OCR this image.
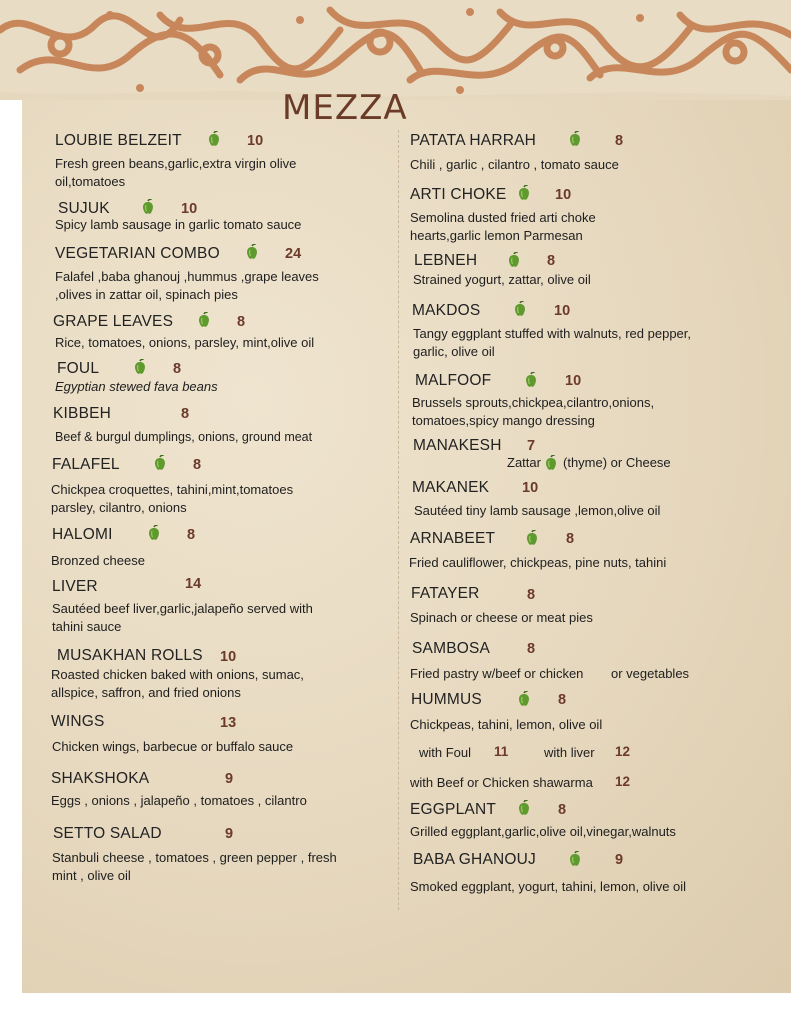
MEZZA
LOUBIE BELZEIT	10
Fresh green beans,garlic,extra virgin olive oil,tomatoes
SUJUK	10
Spicy lamb sausage in garlic tomato sauce
VEGETARIAN COMBO	24
Falafel ,baba ghanouj ,hummus ,grape leaves ,olives in zattar oil, spinach pies
GRAPE LEAVES	8
Rice, tomatoes, onions, parsley, mint,olive oil
FOUL	8
Egyptian stewed fava beans
KIBBEH	8
Beef & burgul dumplings, onions, ground meat
FALAFEL	8
Chickpea croquettes, tahini,mint,tomatoes parsley, cilantro, onions
HALOMI	8
Bronzed cheese
LIVER	14
Sautéed beef liver,garlic,jalapeño served with tahini sauce
MUSAKHAN ROLLS 10
Roasted chicken baked with onions, sumac, allspice, saffron, and fried onions
WINGS	13
Chicken wings, barbecue or buffalo sauce
SHAKSHOKA	9
Eggs , onions , jalapeño , tomatoes , cilantro
SETTO SALAD	9
Stanbuli cheese , tomatoes , green pepper , fresh mint , olive oil
PATATA HARRAH	8
Chili , garlic , cilantro , tomato sauce
ARTI CHOKE	10
Semolina dusted fried arti choke hearts,garlic lemon Parmesan
LEBNEH	8
Strained yogurt, zattar, olive oil
MAKDOS	10
Tangy eggplant stuffed with walnuts, red pepper, garlic, olive oil
MALFOOF	10
Brussels sprouts,chickpea,cilantro,onions, tomatoes,spicy mango dressing
MANAKESH 7
Zattar (thyme) or Cheese
MAKANEK 10
Sautéed tiny lamb sausage ,lemon,olive oil
ARNABEET	8
Fried cauliflower, chickpeas, pine nuts, tahini
FATAYER	8
Spinach or cheese or meat pies
SAMBOSA	8
Fried pastry w/beef or chicken or vegetables
HUMMUS	8
Chickpeas, tahini, lemon, olive oil
with Foul 11	with liver 12
with Beef or Chicken shawarma 12
EGGPLANT	8
Grilled eggplant,garlic,olive oil,vinegar,walnuts
BABA GHANOUJ	9
Smoked eggplant, yogurt, tahini, lemon, olive oil
